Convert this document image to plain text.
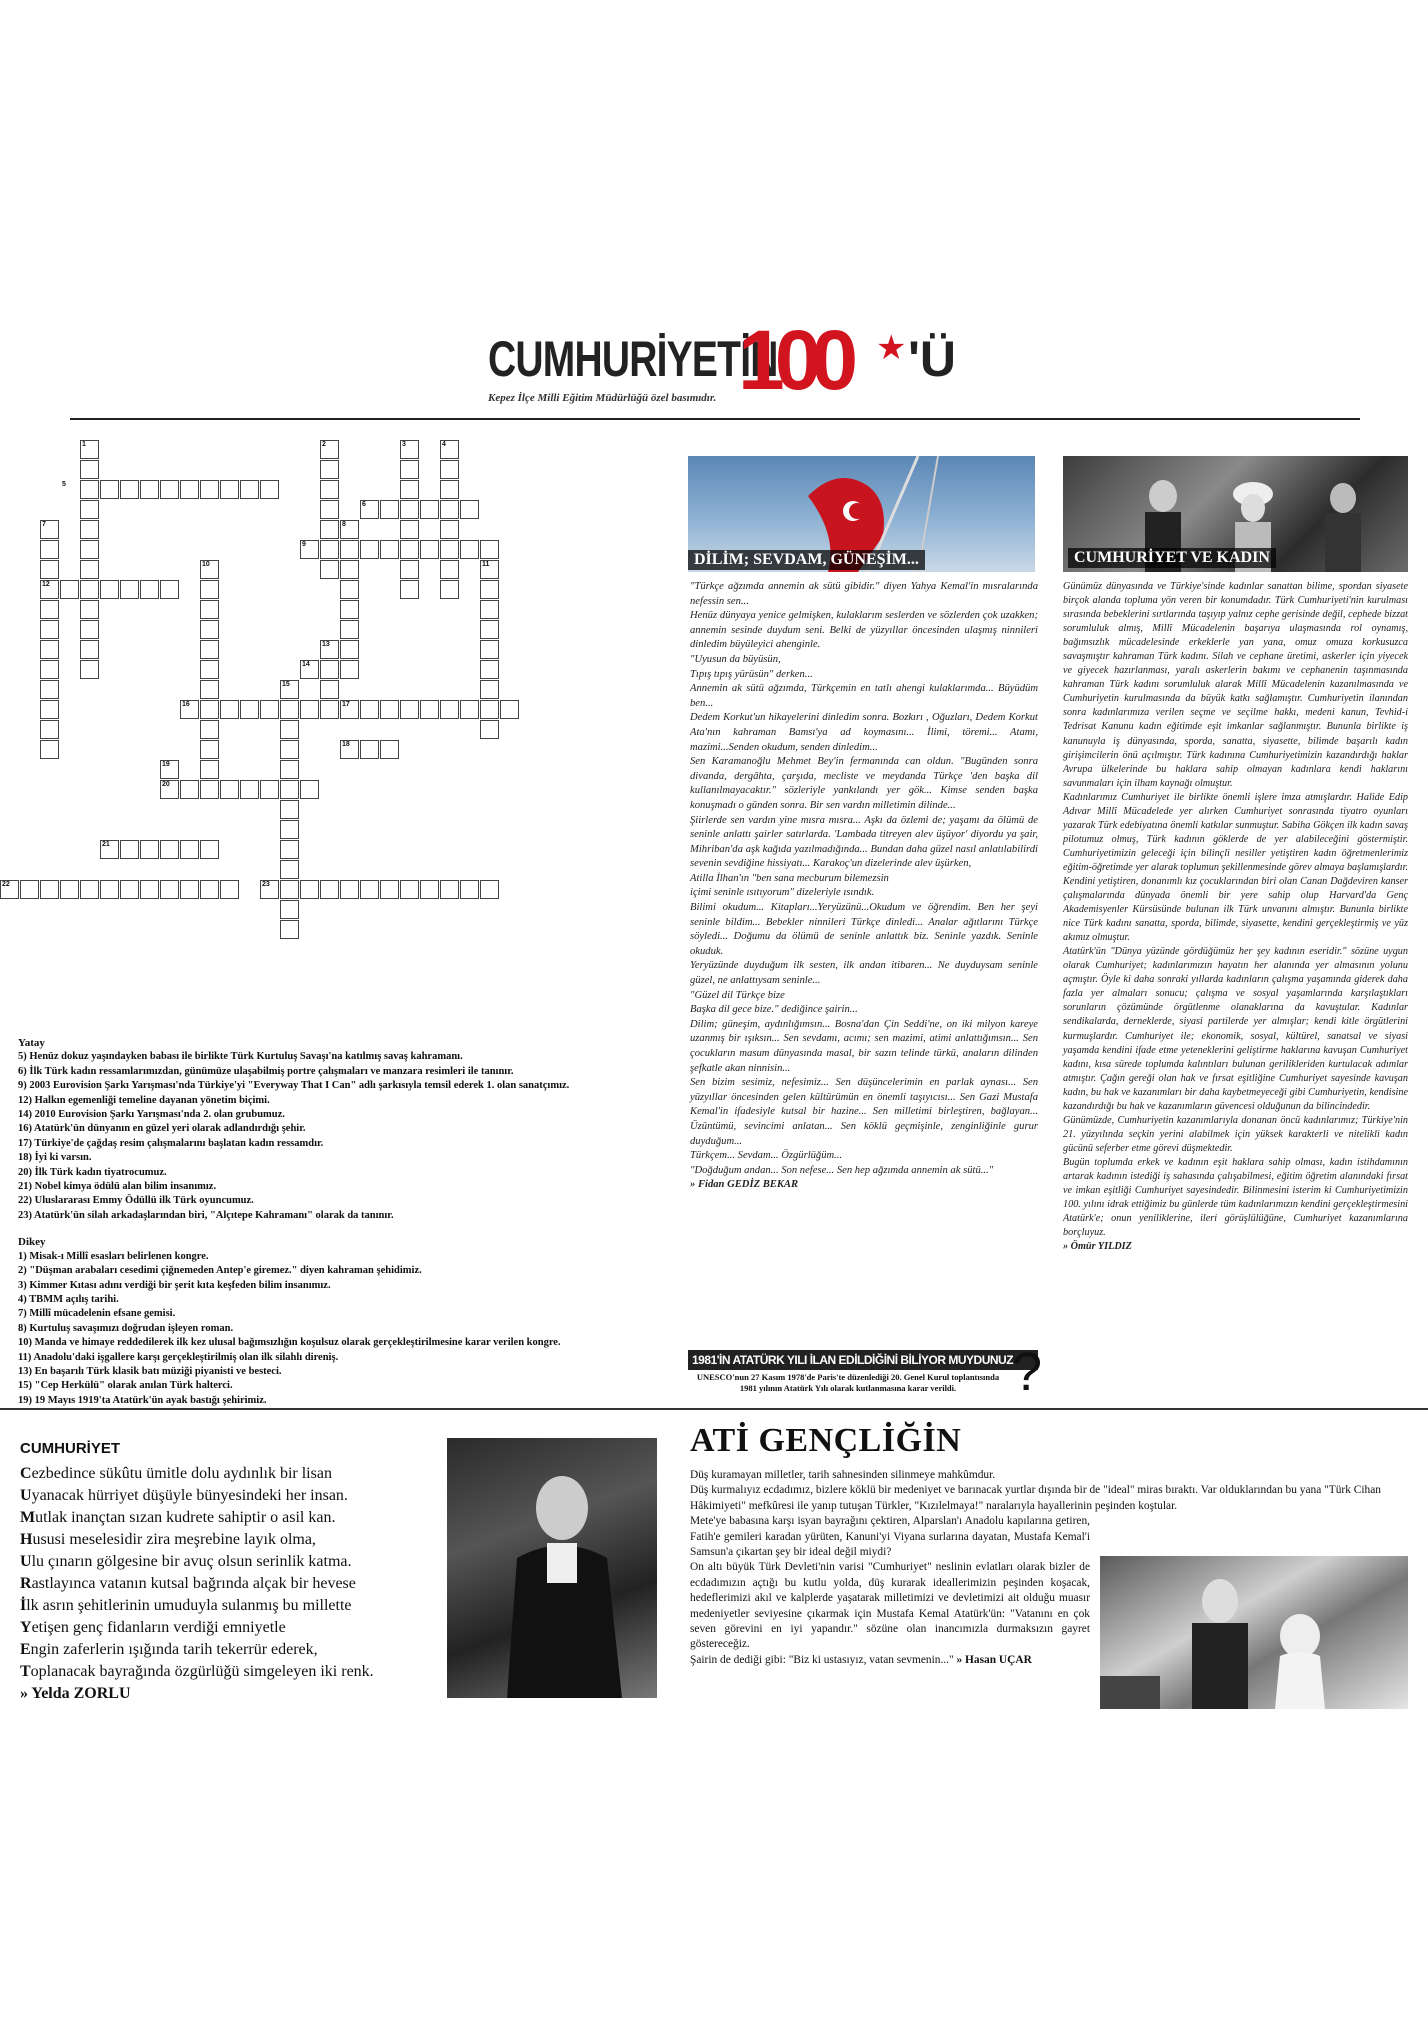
CUMHURİYETİN
100 ★ 'Ü
Kepez İlçe Milli Eğitim Müdürlüğü özel basımıdır.
1	2	3	4
5
6
7	8
9
10	11
12
13
14
15
16	17
18
19
20
21
22	23
Yatay
5) Henüz dokuz yaşındayken babası ile birlikte Türk Kurtuluş Savaşı'na katılmış savaş kahramanı.
6) İlk Türk kadın ressamlarımızdan, günümüze ulaşabilmiş portre çalışmaları ve manzara resimleri ile tanınır.
9) 2003 Eurovision Şarkı Yarışması'nda Türkiye'yi "Everyway That I Can" adlı şarkısıyla temsil ederek 1. olan sanatçımız.
12) Halkın egemenliği temeline dayanan yönetim biçimi.
14) 2010 Eurovision Şarkı Yarışması'nda 2. olan grubumuz.
16) Atatürk'ün dünyanın en güzel yeri olarak adlandırdığı şehir.
17) Türkiye'de çağdaş resim çalışmalarını başlatan kadın ressamdır.
18) İyi ki varsın.
20) İlk Türk kadın tiyatrocumuz.
21) Nobel kimya ödülü alan bilim insanımız.
22) Uluslararası Emmy Ödüllü ilk Türk oyuncumuz.
23) Atatürk'ün silah arkadaşlarından biri, "Alçıtepe Kahramanı" olarak da tanınır.
Dikey
1) Misak-ı Millî esasları belirlenen kongre.
2) "Düşman arabaları cesedimi çiğnemeden Antep'e giremez." diyen kahraman şehidimiz.
3) Kimmer Kıtası adını verdiği bir şerit kıta keşfeden bilim insanımız.
4) TBMM açılış tarihi.
7) Millî mücadelenin efsane gemisi.
8) Kurtuluş savaşımızı doğrudan işleyen roman.
10) Manda ve himaye reddedilerek ilk kez ulusal bağımsızlığın koşulsuz olarak gerçekleştirilmesine karar verilen kongre.
11) Anadolu'daki işgallere karşı gerçekleştirilmiş olan ilk silahlı direniş.
13) En başarılı Türk klasik batı müziği piyanisti ve besteci.
15) "Cep Herkülü" olarak anılan Türk halterci.
19) 19 Mayıs 1919'ta Atatürk'ün ayak bastığı şehirimiz.
DİLİM; SEVDAM, GÜNEŞİM...

"Türkçe ağzımda annemin ak sütü gibidir." diyen Yahya Kemal'in mısralarında nefessin sen...

Henüz dünyaya yenice gelmişken, kulaklarım seslerden ve sözlerden çok uzakken; annemin sesinde duydum seni. Belki de yüzyıllar öncesinden ulaşmış ninnileri dinledim büyüleyici ahenginle.

"Uyusun da büyüsün,

Tıpış tıpış yürüsün" derken...

Annemin ak sütü ağzımda, Türkçemin en tatlı ahengi kulaklarımda... Büyüdüm ben...

Dedem Korkut'un hikayelerini dinledim sonra. Bozkırı , Oğuzları, Dedem Korkut Ata'nın kahraman Bamsı'ya ad koymasını... İlimi, töremi... Atamı, mazimi...Senden okudum, senden dinledim...

Sen Karamanoğlu Mehmet Bey'in fermanında can oldun. "Bugünden sonra divanda, dergâhta, çarşıda, mecliste ve meydanda Türkçe 'den başka dil kullanılmayacaktır." sözleriyle yankılandı yer gök... Kimse senden başka konuşmadı o günden sonra. Bir sen vardın milletimin dilinde...

Şiirlerde sen vardın yine mısra mısra... Aşkı da özlemi de; yaşamı da ölümü de seninle anlattı şairler satırlarda. 'Lambada titreyen alev üşüyor' diyordu ya şair, Mihriban'da aşk kağıda yazılmadığında... Bundan daha güzel nasıl anlatılabilirdi sevenin sevdiğine hissiyatı... Karakoç'un dizelerinde alev üşürken,

Atilla İlhan'ın "ben sana mecburum bilemezsin

içimi seninle ısıtıyorum" dizeleriyle ısındık.

Bilimi okudum... Kitapları...Yeryüzünü...Okudum ve öğrendim. Ben her şeyi seninle bildim... Bebekler ninnileri Türkçe dinledi... Analar ağıtlarını Türkçe söyledi... Doğumu da ölümü de seninle anlattık biz. Seninle yazdık. Seninle okuduk.

Yeryüzünde duyduğum ilk sesten, ilk andan itibaren... Ne duyduysam seninle güzel, ne anlattıysam seninle...

"Güzel dil Türkçe bize

Başka dil gece bize." dediğince şairin...

Dilim; güneşim, aydınlığımsın... Bosna'dan Çin Seddi'ne, on iki milyon kareye uzanmış bir ışıksın... Sen sevdamı, acımı; sen mazimi, atimi anlattığımsın... Sen çocukların masum dünyasında masal, bir sazın telinde türkü, anaların dilinden şefkatle akan ninnisin...

Sen bizim sesimiz, nefesimiz... Sen düşüncelerimin en parlak aynası... Sen yüzyıllar öncesinden gelen kültürümün en önemli taşıyıcısı... Sen Gazi Mustafa Kemal'in ifadesiyle kutsal bir hazine... Sen milletimi birleştiren, bağlayan... Üzüntümü, sevincimi anlatan... Sen köklü geçmişinle, zenginliğinle gurur duyduğum...

Türkçem... Sevdam... Özgürlüğüm...

"Doğduğum andan... Son nefese... Sen hep ağzımda annemin ak sütü..."

» Fidan GEDİZ BEKAR

1981'İN ATATÜRK YILI İLAN EDİLDİĞİNİ BİLİYOR MUYDUNUZ
UNESCO'nun 27 Kasım 1978'de Paris'te düzenlediği 20. Genel Kurul toplantısında 1981 yılının Atatürk Yılı olarak kutlanmasına karar verildi.	?
CUMHURİYET VE KADIN

Günümüz dünyasında ve Türkiye'sinde kadınlar sanattan bilime, spordan siyasete birçok alanda topluma yön veren bir konumdadır. Türk Cumhuriyeti'nin kurulması sırasında bebeklerini sırtlarında taşıyıp yalnız cephe gerisinde değil, cephede bizzat sorumluluk almış, Millî Mücadelenin başarıya ulaşmasında rol oynamış, bağımsızlık mücadelesinde erkeklerle yan yana, omuz omuza korkusuzca savaşmıştır kahraman Türk kadını. Silah ve cephane üretimi, askerler için yiyecek ve giyecek hazırlanması, yaralı askerlerin bakımı ve cephanenin taşınmasında kahraman Türk kadını sorumluluk alarak Millî Mücadelenin kazanılmasında ve Cumhuriyetin kurulmasında da büyük katkı sağlamıştır. Cumhuriyetin ilanından sonra kadınlarımıza verilen seçme ve seçilme hakkı, medeni kanun, Tevhid-i Tedrisat Kanunu kadın eğitimde eşit imkanlar sağlanmıştır. Bununla birlikte iş kanunuyla iş dünyasında, sporda, sanatta, siyasette, bilimde başarılı kadın girişimcilerin önü açılmıştır. Türk kadınına Cumhuriyetimizin kazandırdığı haklar Avrupa ülkelerinde bu haklara sahip olmayan kadınlara kendi haklarını savunmaları için ilham kaynağı olmuştur.

Kadınlarımız Cumhuriyet ile birlikte önemli işlere imza atmışlardır. Halide Edip Adıvar Millî Mücadelede yer alırken Cumhuriyet sonrasında tiyatro oyunları yazarak Türk edebiyatına önemli katkılar sunmuştur. Sabiha Gökçen ilk kadın savaş pilotumuz olmuş, Türk kadının göklerde de yer alabileceğini göstermiştir. Cumhuriyetimizin geleceği için bilinçli nesiller yetiştiren kadın öğretmenlerimiz eğitim-öğretimde yer alarak toplumun şekillenmesinde görev almaya başlamışlardır. Kendini yetiştiren, donanımlı kız çocuklarından biri olan Canan Dağdeviren kanser çalışmalarında dünyada önemli bir yere sahip olup Harvard'da Genç Akademisyenler Kürsüsünde bulunan ilk Türk unvanını almıştır. Bununla birlikte nice Türk kadını sanatta, sporda, bilimde, siyasette, kendini gerçekleştirmiş ve yüz akımız olmuştur.

Atatürk'ün "Dünya yüzünde gördüğümüz her şey kadının eseridir." sözüne uygun olarak Cumhuriyet; kadınlarımızın hayatın her alanında yer almasının yolunu açmıştır. Öyle ki daha sonraki yıllarda kadınların çalışma yaşamında giderek daha fazla yer almaları sonucu; çalışma ve sosyal yaşamlarında karşılaştıkları sorunların çözümünde örgütlenme olanaklarına da kavuştular. Kadınlar sendikalarda, derneklerde, siyasi partilerde yer almışlar; kendi kitle örgütlerini kurmuşlardır. Cumhuriyet ile; ekonomik, sosyal, kültürel, sanatsal ve siyasi yaşamda kendini ifade etme yeteneklerini geliştirme haklarına kavuşan Cumhuriyet kadını, kısa sürede toplumda kalıntıları bulunan gerilikleriden kurtulacak adımlar atmıştır. Çağın gereği olan hak ve fırsat eşitliğine Cumhuriyet sayesinde kavuşan kadın, bu hak ve kazanımları bir daha kaybetmeyeceği gibi Cumhuriyetin, kendisine kazandırdığı bu hak ve kazanımların güvencesi olduğunun da bilincindedir.

Günümüzde, Cumhuriyetin kazanımlarıyla donanan öncü kadınlarımız; Türkiye'nin 21. yüzyılında seçkin yerini alabilmek için yüksek karakterli ve nitelikli kadın gücünü seferber etme görevi düşmektedir.

Bugün toplumda erkek ve kadının eşit haklara sahip olması, kadın istihdamının artarak kadının istediği iş sahasında çalışabilmesi, eğitim öğretim alanındaki fırsat ve imkan eşitliği Cumhuriyet sayesindedir. Bilinmesini isterim ki Cumhuriyetimizin 100. yılını idrak ettiğimiz bu günlerde tüm kadınlarımızın kendini gerçekleştirmesini Atatürk'e; onun yeniliklerine, ileri görüşlülüğüne, Cumhuriyet kazanımlarına borçluyuz.

» Ömür YILDIZ

CUMHURİYET
Cezbedince sükûtu ümitle dolu aydınlık bir lisan
Uyanacak hürriyet düşüyle bünyesindeki her insan.
Mutlak inançtan sızan kudrete sahiptir o asil kan.
Hususi meselesidir zira meşrebine layık olma,
Ulu çınarın gölgesine bir avuç olsun serinlik katma.
Rastlayınca vatanın kutsal bağrında alçak bir hevese
İlk asrın şehitlerinin umuduyla sulanmış bu millette
Yetişen genç fidanların verdiği emniyetle
Engin zaferlerin ışığında tarih tekerrür ederek,
Toplanacak bayrağında özgürlüğü simgeleyen iki renk.
» Yelda ZORLU
ATİ GENÇLİĞİN

Düş kuramayan milletler, tarih sahnesinden silinmeye mahkûmdur.

Düş kurmalıyız ecdadımız, bizlere köklü bir medeniyet ve barınacak yurtlar dışında bir de "ideal" miras bıraktı. Var olduklarından bu yana "Türk Cihan Hâkimiyeti" mefkûresi ile yanıp tutuşan Türkler, "Kızılelmaya!" naralarıyla hayallerinin peşinden koştular.

Mete'ye babasına karşı isyan bayrağını çektiren, Alparslan'ı Anadolu kapılarına getiren, Fatih'e gemileri karadan yürüten, Kanuni'yi Viyana surlarına dayatan, Mustafa Kemal'i Samsun'a çıkartan şey bir ideal değil miydi?

On altı büyük Türk Devleti'nin varisi "Cumhuriyet" neslinin evlatları olarak bizler de ecdadımızın açtığı bu kutlu yolda, düş kurarak ideallerimizin peşinden koşacak, hedeflerimizi akıl ve kalplerde yaşatarak milletimizi ve devletimizi ait olduğu muasır medeniyetler seviyesine çıkarmak için Mustafa Kemal Atatürk'ün: "Vatanını en çok seven görevini en iyi yapandır." sözüne olan inancımızla durmaksızın gayret göstereceğiz.

Şairin de dediği gibi: "Biz ki ustasıyız, vatan sevmenin..." » Hasan UÇAR
